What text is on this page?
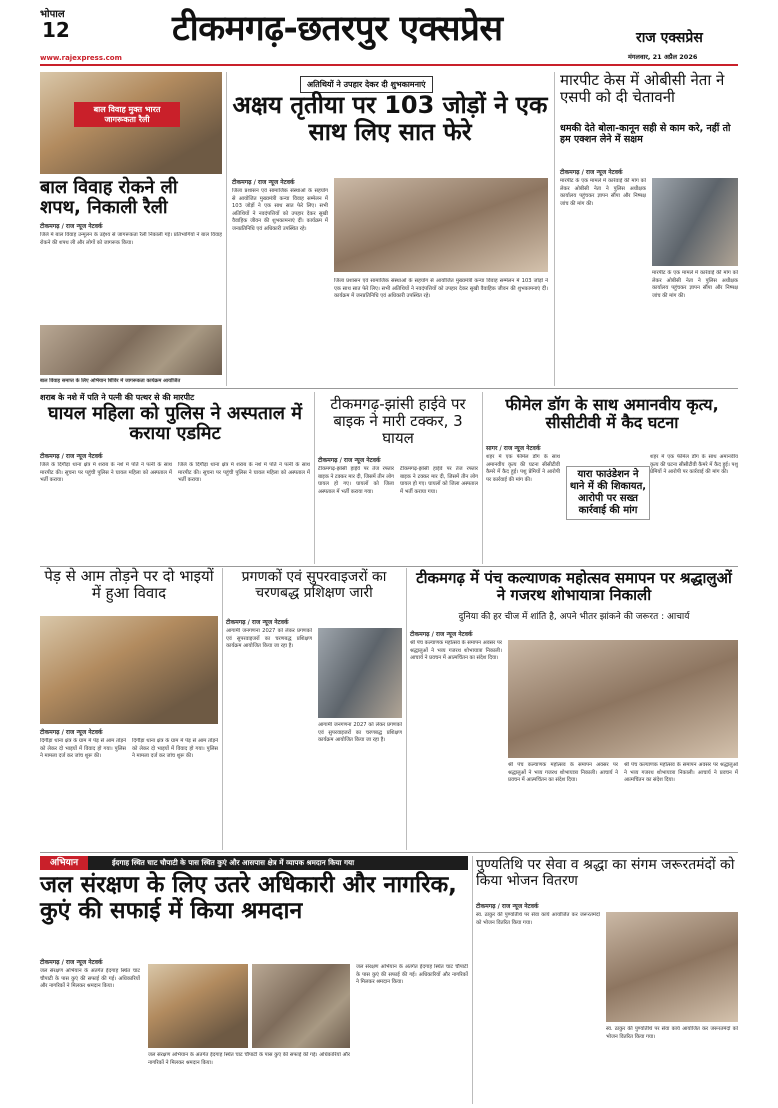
भोपाल
12
www.rajexpress.com
टीकमगढ़-छतरपुर एक्सप्रेस	राज एक्सप्रेस
मंगलवार, 21 अप्रैल 2026
बाल विवाह मुक्त भारत जागरूकता रैली
बाल विवाह रोकने ली शपथ, निकाली रैली
टीकमगढ़ / राज न्यूज नेटवर्क
जिले में बाल विवाह उन्मूलन के उद्देश्य से जागरूकता रैली निकाली गई। प्रतिभागियों ने बाल विवाह रोकने की शपथ ली और लोगों को जागरूक किया।
बाल विवाह समाप्त के लिए अभियान शिविर में जागरूकता कार्यक्रम आयोजित
अतिथियों ने उपहार देकर दी शुभकामनाएं
अक्षय तृतीया पर 103 जोड़ों ने एक साथ लिए सात फेरे
टीकमगढ़ / राज न्यूज नेटवर्क
जिला प्रशासन एवं सामाजिक संस्थाओं के सहयोग से आयोजित मुख्यमंत्री कन्या विवाह सम्मेलन में 103 जोड़ों ने एक साथ सात फेरे लिए। सभी अतिथियों ने नवदंपत्तियों को उपहार देकर सुखी वैवाहिक जीवन की शुभकामनाएं दीं। कार्यक्रम में जनप्रतिनिधि एवं अधिकारी उपस्थित रहे।
जिला प्रशासन एवं सामाजिक संस्थाओं के सहयोग से आयोजित मुख्यमंत्री कन्या विवाह सम्मेलन में 103 जोड़ों ने एक साथ सात फेरे लिए। सभी अतिथियों ने नवदंपत्तियों को उपहार देकर सुखी वैवाहिक जीवन की शुभकामनाएं दीं। कार्यक्रम में जनप्रतिनिधि एवं अधिकारी उपस्थित रहे।
मारपीट केस में ओबीसी नेता ने एसपी को दी चेतावनी
धमकी देते बोला-कानून सही से काम करे, नहीं तो हम एक्शन लेने में सक्षम
टीकमगढ़ / राज न्यूज नेटवर्क
मारपीट के एक मामले में कार्रवाई की मांग को लेकर ओबीसी नेता ने पुलिस अधीक्षक कार्यालय पहुंचकर ज्ञापन सौंपा और निष्पक्ष जांच की मांग की।
मारपीट के एक मामले में कार्रवाई की मांग को लेकर ओबीसी नेता ने पुलिस अधीक्षक कार्यालय पहुंचकर ज्ञापन सौंपा और निष्पक्ष जांच की मांग की।
शराब के नशे में पति ने पत्नी की पत्थर से की मारपीट
घायल महिला को पुलिस ने अस्पताल में कराया एडमिट
टीकमगढ़ / राज न्यूज नेटवर्क
जिले के दिगौड़ा थाना क्षेत्र में शराब के नशे में पति ने पत्नी के साथ मारपीट की। सूचना पर पहुंची पुलिस ने घायल महिला को अस्पताल में भर्ती कराया।
जिले के दिगौड़ा थाना क्षेत्र में शराब के नशे में पति ने पत्नी के साथ मारपीट की। सूचना पर पहुंची पुलिस ने घायल महिला को अस्पताल में भर्ती कराया।
टीकमगढ़-झांसी हाईवे पर बाइक ने मारी टक्कर, 3 घायल
टीकमगढ़ / राज न्यूज नेटवर्क
टीकमगढ़-झांसी हाईवे पर तेज रफ्तार बाइक ने टक्कर मार दी, जिसमें तीन लोग घायल हो गए। घायलों को जिला अस्पताल में भर्ती कराया गया।
टीकमगढ़-झांसी हाईवे पर तेज रफ्तार बाइक ने टक्कर मार दी, जिसमें तीन लोग घायल हो गए। घायलों को जिला अस्पताल में भर्ती कराया गया।
फीमेल डॉग के साथ अमानवीय कृत्य, सीसीटीवी में कैद घटना
सागर / राज न्यूज नेटवर्क
शहर में एक फीमेल डॉग के साथ अमानवीय कृत्य की घटना सीसीटीवी कैमरे में कैद हुई। पशु प्रेमियों ने आरोपी पर कार्रवाई की मांग की।	यारा फाउंडेशन ने थाने में की शिकायत, आरोपी पर सख्त कार्रवाई की मांग
शहर में एक फीमेल डॉग के साथ अमानवीय कृत्य की घटना सीसीटीवी कैमरे में कैद हुई। पशु प्रेमियों ने आरोपी पर कार्रवाई की मांग की।
पेड़ से आम तोड़ने पर दो भाइयों में हुआ विवाद
टीकमगढ़ / राज न्यूज नेटवर्क
दिगौड़ा थाना क्षेत्र के ग्राम में पेड़ से आम तोड़ने को लेकर दो भाइयों में विवाद हो गया। पुलिस ने मामला दर्ज कर जांच शुरू की।
दिगौड़ा थाना क्षेत्र के ग्राम में पेड़ से आम तोड़ने को लेकर दो भाइयों में विवाद हो गया। पुलिस ने मामला दर्ज कर जांच शुरू की।
प्रगणकों एवं सुपरवाइजरों का चरणबद्ध प्रशिक्षण जारी
टीकमगढ़ / राज न्यूज नेटवर्क
आगामी जनगणना 2027 को लेकर प्रगणकों एवं सुपरवाइजरों का चरणबद्ध प्रशिक्षण कार्यक्रम आयोजित किया जा रहा है।
आगामी जनगणना 2027 को लेकर प्रगणकों एवं सुपरवाइजरों का चरणबद्ध प्रशिक्षण कार्यक्रम आयोजित किया जा रहा है।
टीकमगढ़ में पंच कल्याणक महोत्सव समापन पर श्रद्धालुओं ने गजरथ शोभायात्रा निकाली
दुनिया की हर चीज में शांति है, अपने भीतर झांकने की जरूरत : आचार्य
टीकमगढ़ / राज न्यूज नेटवर्क
श्री पंच कल्याणक महोत्सव के समापन अवसर पर श्रद्धालुओं ने भव्य गजरथ शोभायात्रा निकाली। आचार्य ने प्रवचन में आत्मचिंतन का संदेश दिया।
श्री पंच कल्याणक महोत्सव के समापन अवसर पर श्रद्धालुओं ने भव्य गजरथ शोभायात्रा निकाली। आचार्य ने प्रवचन में आत्मचिंतन का संदेश दिया।
श्री पंच कल्याणक महोत्सव के समापन अवसर पर श्रद्धालुओं ने भव्य गजरथ शोभायात्रा निकाली। आचार्य ने प्रवचन में आत्मचिंतन का संदेश दिया।
अभियान	ईदगाह स्थित चाट चौपाटी के पास स्थित कुएं और आसपास क्षेत्र में व्यापक श्रमदान किया गया
जल संरक्षण के लिए उतरे अधिकारी और नागरिक, कुएं की सफाई में किया श्रमदान
टीकमगढ़ / राज न्यूज नेटवर्क
जल संरक्षण अभियान के अंतर्गत ईदगाह स्थित चाट चौपाटी के पास कुएं की सफाई की गई। अधिकारियों और नागरिकों ने मिलकर श्रमदान किया।
जल संरक्षण अभियान के अंतर्गत ईदगाह स्थित चाट चौपाटी के पास कुएं की सफाई की गई। अधिकारियों और नागरिकों ने मिलकर श्रमदान किया।
जल संरक्षण अभियान के अंतर्गत ईदगाह स्थित चाट चौपाटी के पास कुएं की सफाई की गई। अधिकारियों और नागरिकों ने मिलकर श्रमदान किया।
पुण्यतिथि पर सेवा व श्रद्धा का संगम जरूरतमंदों को किया भोजन वितरण
टीकमगढ़ / राज न्यूज नेटवर्क
स्व. ठाकुर की पुण्यतिथि पर सेवा कार्य आयोजित कर जरूरतमंदों को भोजन वितरित किया गया।
स्व. ठाकुर की पुण्यतिथि पर सेवा कार्य आयोजित कर जरूरतमंदों को भोजन वितरित किया गया।
